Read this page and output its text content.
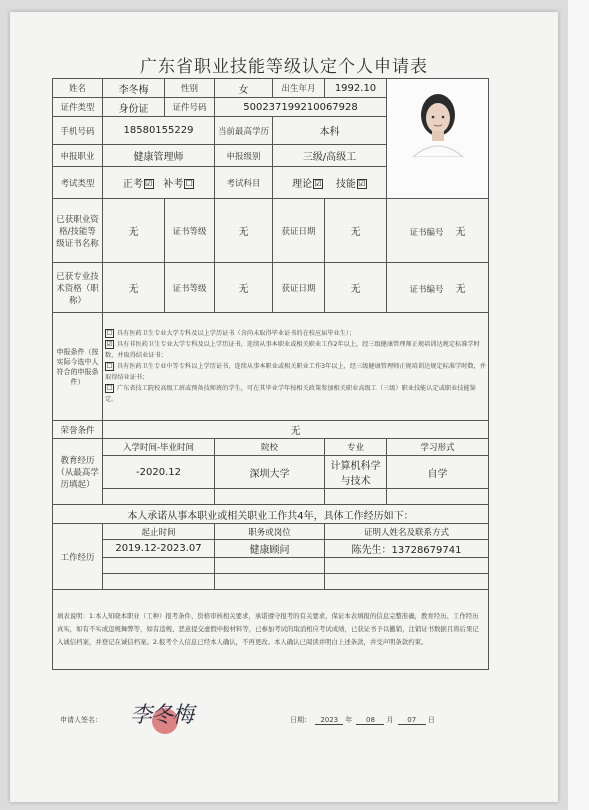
广东省职业技能等级认定个人申请表
姓名	李冬梅	性别	女	出生年月	1992.10	

证件类型	身份证	证件号码	500237199210067928			
手机号码	18580155229		当前最高学历	本科		
申报职业	健康管理师		申报级别	三级/高级工		
考试类型	正考 ☑ 补考 ☐		考试科目	理论 ☑ 技能 ☑		
已获职业资格/技能等级证书名称	无	证书等级	无	获证日期	无	证书编号 无
已获专业技术资格（职称）	无	证书等级	无	获证日期	无	证书编号 无
申报条件（按实际今选中人符合的申报条件）	☐ 具有医药卫生专业大学专科及以上学历证书（含尚未取得毕业证书的在校应届毕业生）；
☑ 具有非医药卫生专业大学专科及以上学历证书，连续从事本职业或相关职业工作2年以上，经三级健康管理师正规培训达规定标准学时数，并取得结业证书；
☐ 具有医药卫生专业中等专科以上学历证书，连续从事本职业或相关职业工作3年以上，经三级健康管理师正规培训达规定标准学时数，并取得结业证书；
☐ 广东省技工院校高级工班或预备技师班的学生，可在其毕业学年按相关政策参加相关职业高级工（三级）职业技能认定或职业技能鉴定。					

荣誉条件	无					
教育经历（从最高学历填起）	入学时间-毕业时间		院校		专业	学习形式
	-2020.12		深圳大学		计算机科学与技术	自学

本人承诺从事本职业或相关职业工作共4年，具体工作经历如下：						
工作经历	起止时间		职务或岗位		证明人姓名及联系方式	
	2019.12-2023.07		健康顾问		陈先生：13728679741	

填表说明：1.本人知晓本职业（工种）报考条件、资格审核相关要求，承诺遵守报考的有关要求，保证本表填报的信息完整准确，教育经历、工作经历真实，如有不实或违规舞弊等，如有违规、恶意提交虚假申报材料等，已参加考试的取消相应考试成绩，已获证书予以撤销，注销证书数据且将后果记入诚信档案，并登记在诚信档案。2.报考个人信息已经本人确认，不再更改。本人确认已阅读并明白上述条款，并受声明条款约束。						
申请人签名： 李冬梅	日期： 2023 年 08 月 07 日
